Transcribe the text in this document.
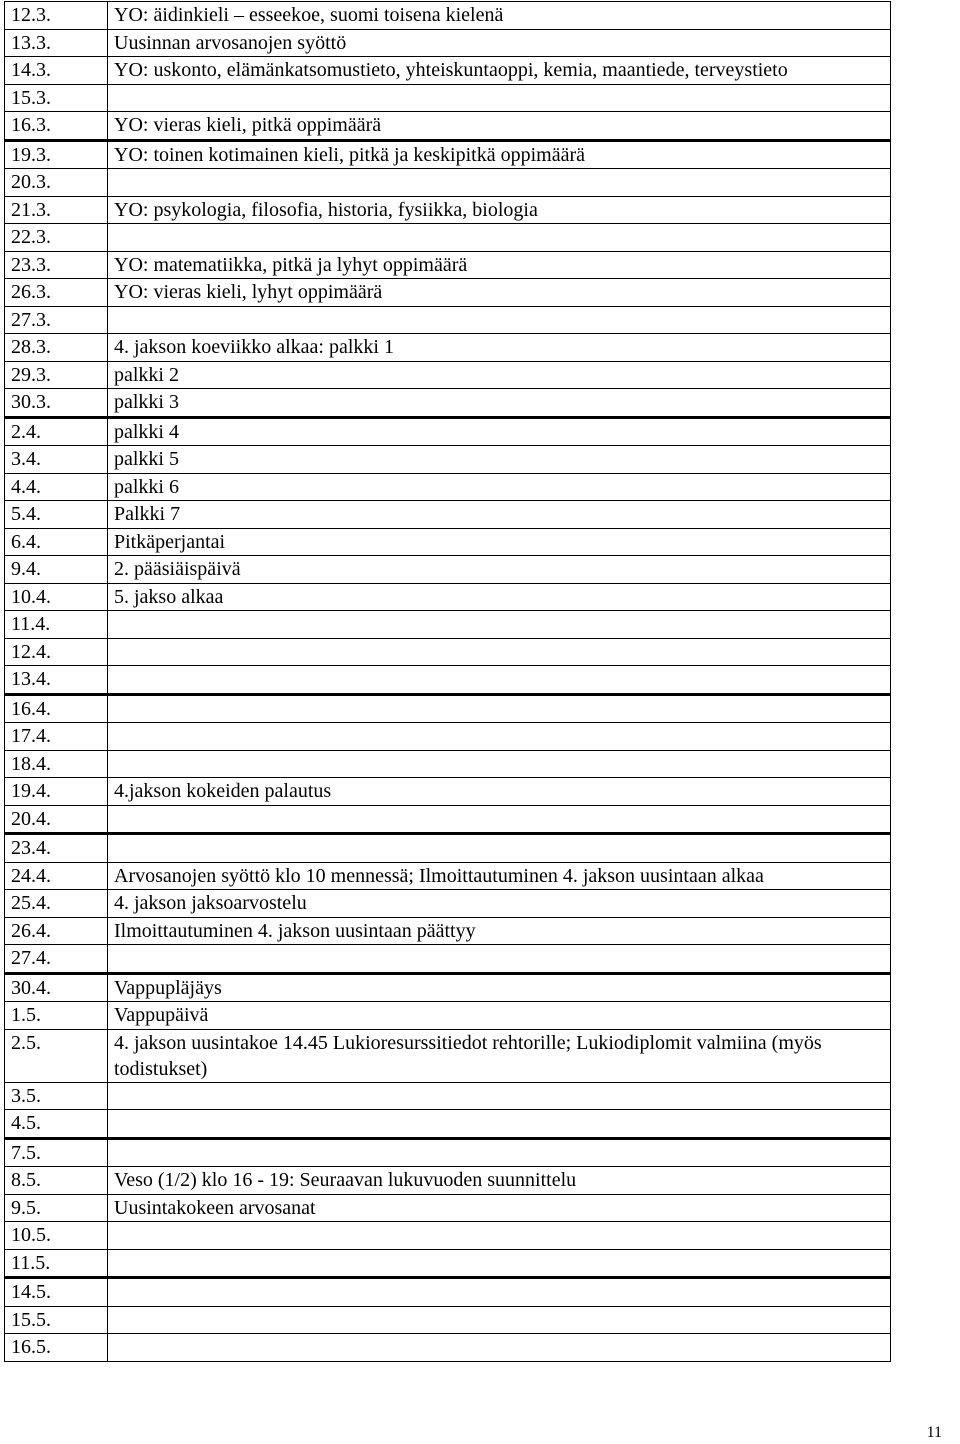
12.3.	YO: äidinkieli – esseekoe, suomi toisena kielenä
13.3.	Uusinnan arvosanojen syöttö
14.3.	YO: uskonto, elämänkatsomustieto, yhteiskuntaoppi, kemia, maantiede, terveystieto
15.3.	
16.3.	YO: vieras kieli, pitkä oppimäärä
19.3.	YO: toinen kotimainen kieli, pitkä ja keskipitkä oppimäärä
20.3.	
21.3.	YO: psykologia, filosofia, historia, fysiikka, biologia
22.3.	
23.3.	YO: matematiikka, pitkä ja lyhyt oppimäärä
26.3.	YO: vieras kieli, lyhyt oppimäärä
27.3.	
28.3.	4. jakson koeviikko alkaa: palkki 1
29.3.	palkki 2
30.3.	palkki 3
2.4.	palkki 4
3.4.	palkki 5
4.4.	palkki 6
5.4.	Palkki 7
6.4.	Pitkäperjantai
9.4.	2. pääsiäispäivä
10.4.	5. jakso alkaa
11.4.	
12.4.	
13.4.	
16.4.	
17.4.	
18.4.	
19.4.	4.jakson kokeiden palautus
20.4.	
23.4.	
24.4.	Arvosanojen syöttö klo 10 mennessä; Ilmoittautuminen 4. jakson uusintaan alkaa
25.4.	4. jakson jaksoarvostelu
26.4.	Ilmoittautuminen 4. jakson uusintaan päättyy
27.4.	
30.4.	Vappupläjäys
1.5.	Vappupäivä
2.5.	4. jakson uusintakoe 14.45 Lukioresurssitiedot rehtorille; Lukiodiplomit valmiina (myös todistukset)
3.5.	
4.5.	
7.5.	
8.5.	Veso (1/2) klo 16 - 19: Seuraavan lukuvuoden suunnittelu
9.5.	Uusintakokeen arvosanat
10.5.	
11.5.	
14.5.	
15.5.	
16.5.	
11
